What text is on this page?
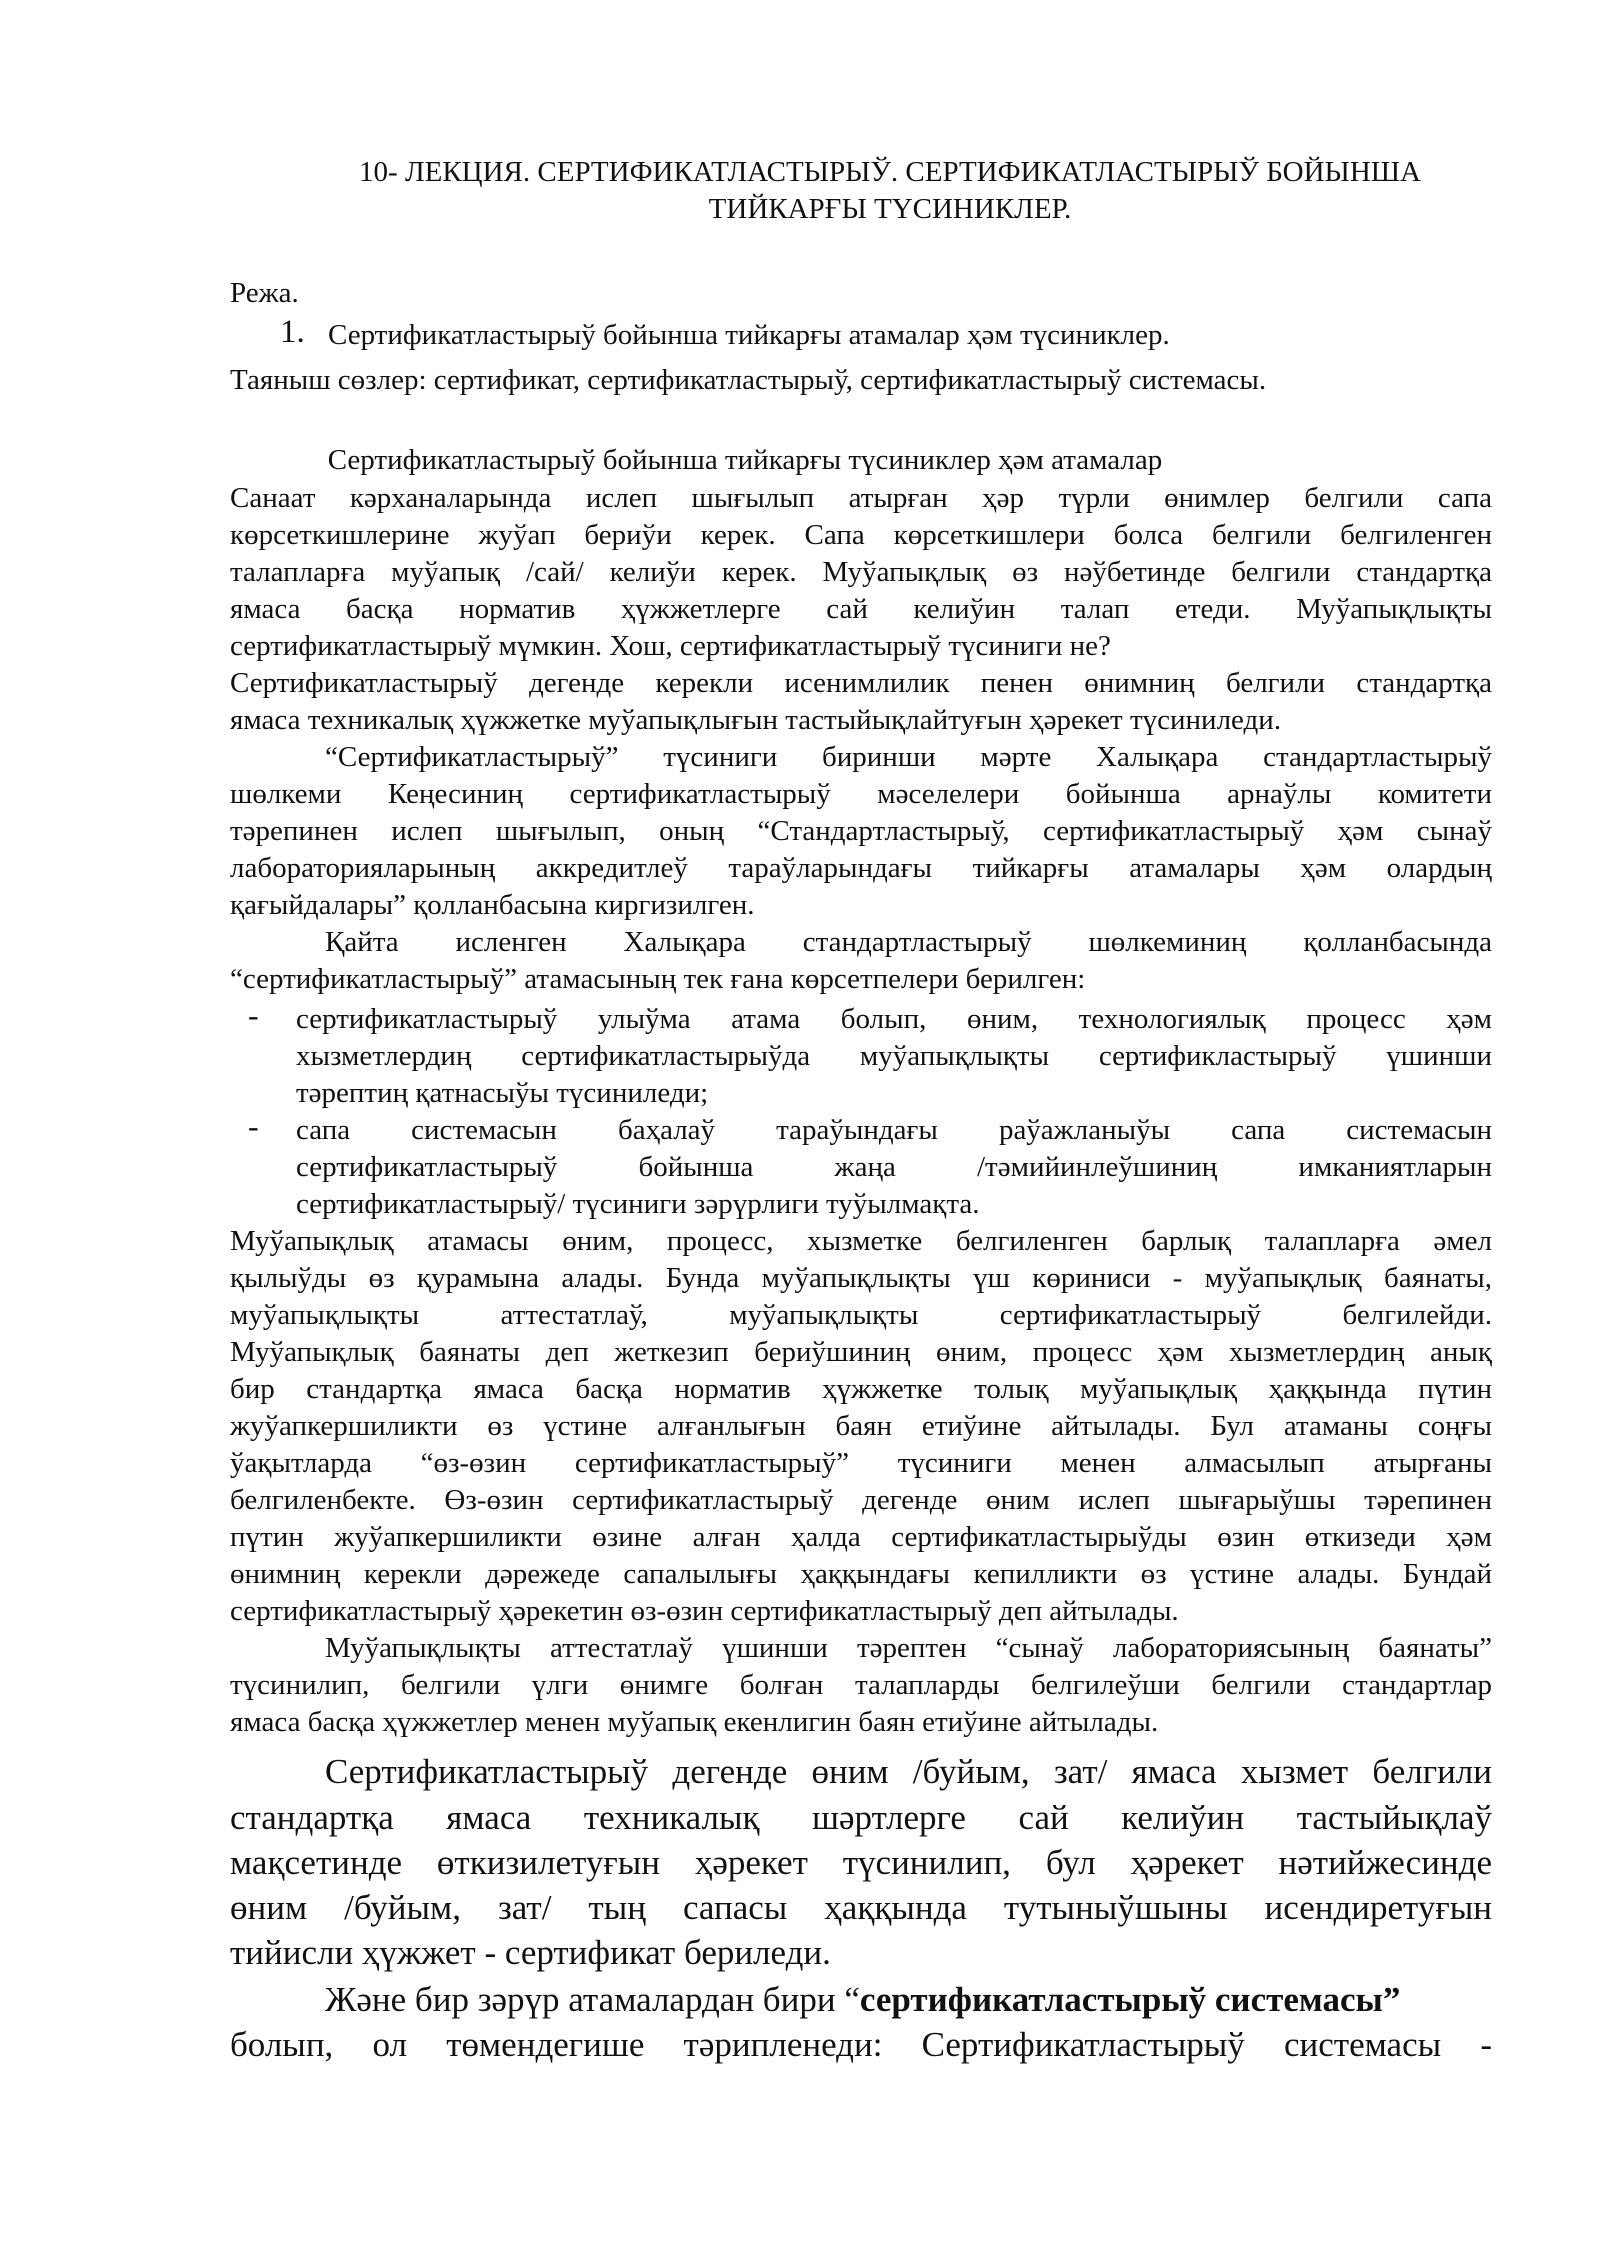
10- ЛЕКЦИЯ. СЕРТИФИКАТЛАСТЫРЫЎ. СЕРТИФИКАТЛАСТЫРЫЎ БОЙЫНША
ТИЙКАРҒЫ ТҮСИНИКЛЕР.
Режа.
1. Сертификатластырыў бойынша тийкарғы атамалар ҳәм түсиниклер.
Таяныш сөзлер: сертификат, сертификатластырыў, сертификатластырыў системасы.
Сертификатластырыў бойынша тийкарғы түсиниклер ҳәм атамалар
Санаат кәрханаларында ислеп шығылып атырған ҳәр түрли өнимлер белгили сапа
көрсеткишлерине жуўап бериўи керек. Сапа көрсеткишлери болса белгили белгиленген
талапларға муўапық /сай/ келиўи керек. Муўапықлық өз нәўбетинде белгили стандартқа
ямаса басқа норматив ҳүжжетлерге сай келиўин талап етеди. Муўапықлықты
сертификатластырыў мүмкин. Хош, сертификатластырыў түсиниги не?
Сертификатластырыў дегенде керекли исенимлилик пенен өнимниң белгили стандартқа
ямаса техникалық ҳүжжетке муўапықлығын тастыйықлайтуғын ҳәрекет түсиниледи.
“Сертификатластырыў” түсиниги биринши мәрте Халықара стандартластырыў
шөлкеми Кеңесиниң сертификатластырыў мәселелери бойынша арнаўлы комитети
тәрепинен ислеп шығылып, оның “Стандартластырыў, сертификатластырыў ҳәм сынаў
лабораторияларының аккредитлеў тараўларындағы тийкарғы атамалары ҳәм олардың
қағыйдалары” қолланбасына киргизилген.
Қайта исленген Халықара стандартластырыў шөлкеминиң қолланбасында
“сертификатластырыў” атамасының тек ғана көрсетпелери берилген:
- сертификатластырыў улыўма атама болып, өним, технологиялық процесс ҳәм
хызметлердиң сертификатластырыўда муўапықлықты сертификластырыў үшинши
тәрептиң қатнасыўы түсиниледи;
- сапа системасын баҳалаў тараўындағы раўажланыўы сапа системасын
сертификатластырыў бойынша жаңа /тәмийинлеўшиниң имканиятларын
сертификатластырыў/ түсиниги зәрүрлиги туўылмақта.
Муўапықлық атамасы өним, процесс, хызметке белгиленген барлық талапларға әмел
қылыўды өз қурамына алады. Бунда муўапықлықты үш көриниси - муўапықлық баянаты,
муўапықлықты аттестатлаў, муўапықлықты сертификатластырыў белгилейди.
Муўапықлық баянаты деп жеткезип бериўшиниң өним, процесс ҳәм хызметлердиң анық
бир стандартқа ямаса басқа норматив ҳүжжетке толық муўапықлық ҳаққында пүтин
жуўапкершиликти өз үстине алғанлығын баян етиўине айтылады. Бул атаманы соңғы
ўақытларда “өз-өзин сертификатластырыў” түсиниги менен алмасылып атырғаны
белгиленбекте. Өз-өзин сертификатластырыў дегенде өним ислеп шығарыўшы тәрепинен
пүтин жуўапкершиликти өзине алған ҳалда сертификатластырыўды өзин өткизеди ҳәм
өнимниң керекли дәрежеде сапалылығы ҳаққындағы кепилликти өз үстине алады. Бундай
сертификатластырыў ҳәрекетин өз-өзин сертификатластырыў деп айтылады.
Муўапықлықты аттестатлаў үшинши тәрептен “сынаў лабораториясының баянаты”
түсинилип, белгили үлги өнимге болған талапларды белгилеўши белгили стандартлар
ямаса басқа ҳүжжетлер менен муўапық екенлигин баян етиўине айтылады.
Сертификатластырыў дегенде өним /буйым, зат/ ямаса хызмет белгили
стандартқа ямаса техникалық шәртлерге сай келиўин тастыйықлаў
мақсетинде өткизилетуғын ҳәрекет түсинилип, бул ҳәрекет нәтийжесинде
өним /буйым, зат/ тың сапасы ҳаққында тутыныўшыны исендиретуғын
тийисли ҳүжжет - сертификат бериледи.
Және бир зәрүр атамалардан бири “сертификатластырыў системасы”
болып, ол төмендегише тәрипленеди: Сертификатластырыў системасы -
